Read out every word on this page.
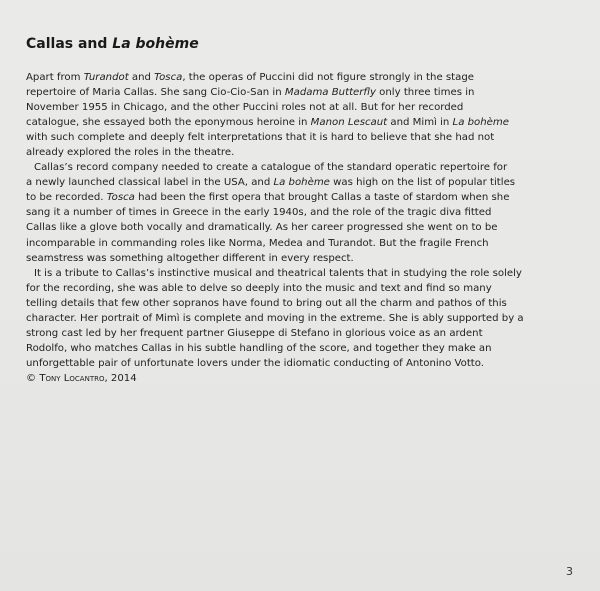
Callas and La bohème
Apart from Turandot and Tosca, the operas of Puccini did not figure strongly in the stage
repertoire of Maria Callas. She sang Cio-Cio-San in Madama Butterfly only three times in
November 1955 in Chicago, and the other Puccini roles not at all. But for her recorded
catalogue, she essayed both the eponymous heroine in Manon Lescaut and Mimì in La bohème
with such complete and deeply felt interpretations that it is hard to believe that she had not
already explored the roles in the theatre.
Callas’s record company needed to create a catalogue of the standard operatic repertoire for
a newly launched classical label in the USA, and La bohème was high on the list of popular titles
to be recorded. Tosca had been the first opera that brought Callas a taste of stardom when she
sang it a number of times in Greece in the early 1940s, and the role of the tragic diva fitted
Callas like a glove both vocally and dramatically. As her career progressed she went on to be
incomparable in commanding roles like Norma, Medea and Turandot. But the fragile French
seamstress was something altogether different in every respect.
It is a tribute to Callas’s instinctive musical and theatrical talents that in studying the role solely
for the recording, she was able to delve so deeply into the music and text and find so many
telling details that few other sopranos have found to bring out all the charm and pathos of this
character. Her portrait of Mimì is complete and moving in the extreme. She is ably supported by a
strong cast led by her frequent partner Giuseppe di Stefano in glorious voice as an ardent
Rodolfo, who matches Callas in his subtle handling of the score, and together they make an
unforgettable pair of unfortunate lovers under the idiomatic conducting of Antonino Votto.
© Tony Locantro, 2014
3
